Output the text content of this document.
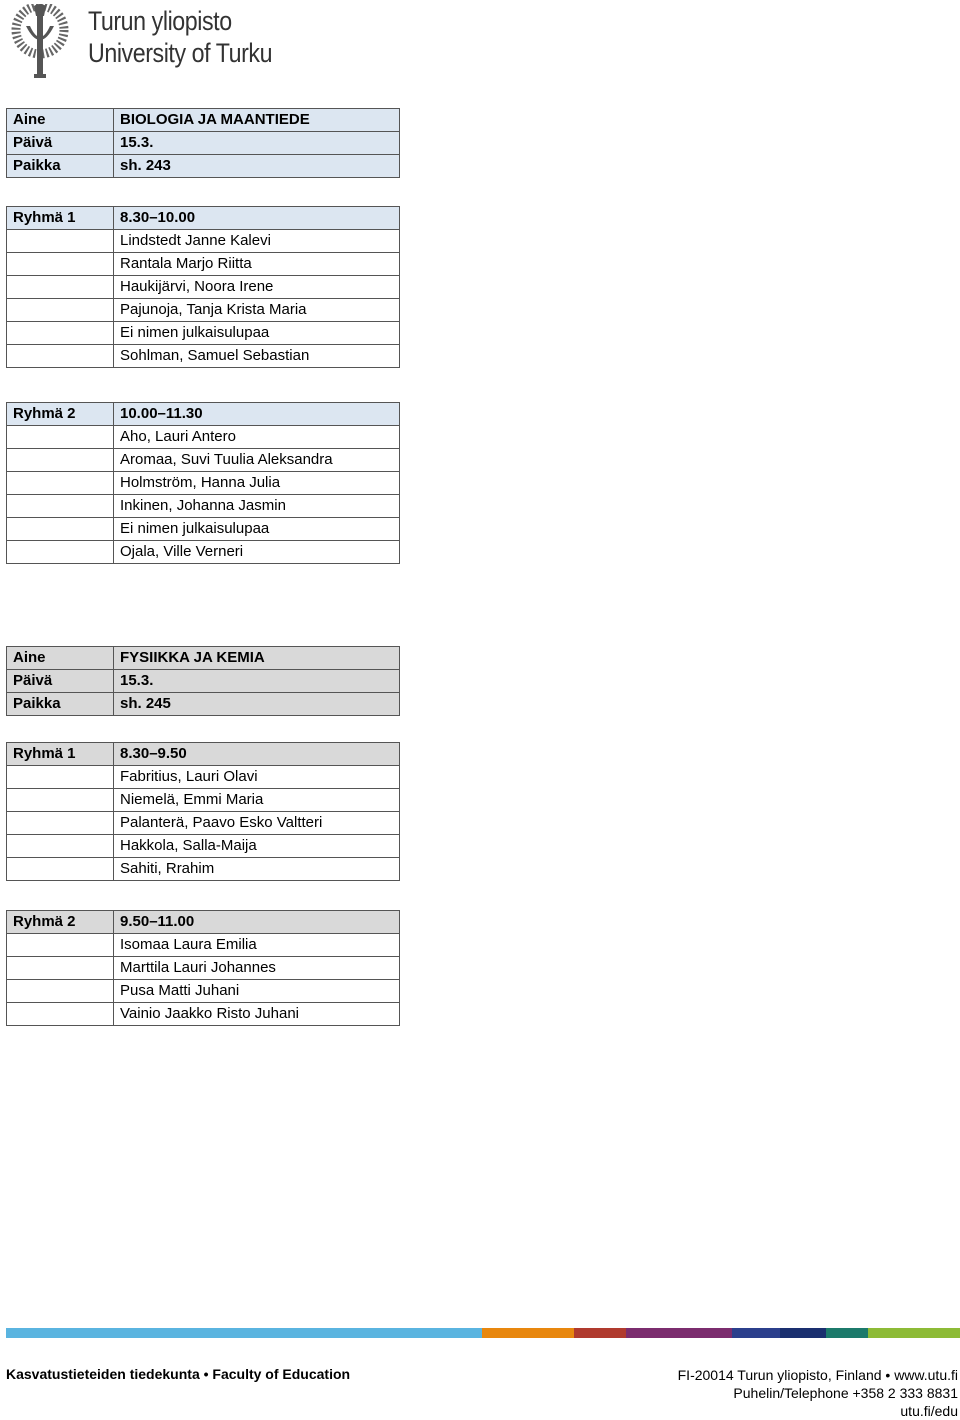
Turun yliopisto
University of Turku
Aine	BIOLOGIA JA MAANTIEDE
Päivä	15.3.
Paikka	sh. 243
Ryhmä 1	8.30–10.00
	Lindstedt Janne Kalevi
	Rantala Marjo Riitta
	Haukijärvi, Noora Irene
	Pajunoja, Tanja Krista Maria
	Ei nimen julkaisulupaa
	Sohlman, Samuel Sebastian
Ryhmä 2	10.00–11.30
	Aho, Lauri Antero
	Aromaa, Suvi Tuulia Aleksandra
	Holmström, Hanna Julia
	Inkinen, Johanna Jasmin
	Ei nimen julkaisulupaa
	Ojala, Ville Verneri
Aine	FYSIIKKA JA KEMIA
Päivä	15.3.
Paikka	sh. 245
Ryhmä 1	8.30–9.50
	Fabritius, Lauri Olavi
	Niemelä, Emmi Maria
	Palanterä, Paavo Esko Valtteri
	Hakkola, Salla-Maija
	Sahiti, Rrahim
Ryhmä 2	9.50–11.00
	Isomaa Laura Emilia
	Marttila Lauri Johannes
	Pusa Matti Juhani
	Vainio Jaakko Risto Juhani
Kasvatustieteiden tiedekunta • Faculty of Education	FI-20014 Turun yliopisto, Finland • www.utu.fi
Puhelin/Telephone +358 2 333 8831
utu.fi/edu
